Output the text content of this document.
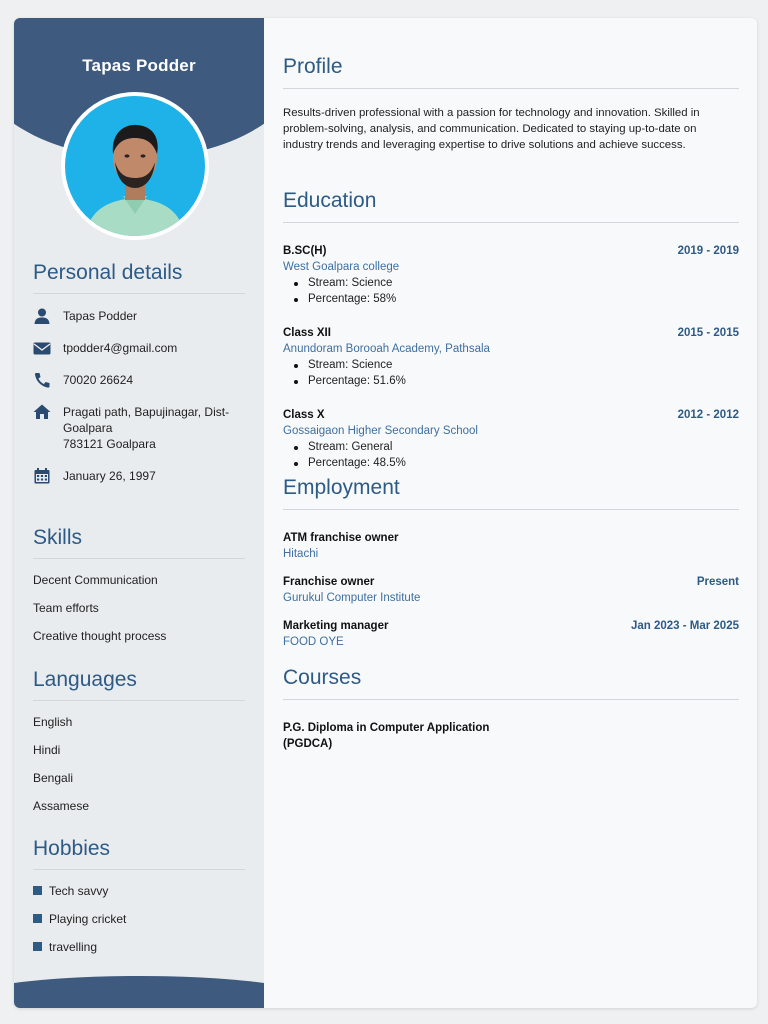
Tapas Podder
Personal details
Tapas Podder
tpodder4@gmail.com
70020 26624
Pragati path, Bapujinagar, Dist-
Goalpara
783121 Goalpara
January 26, 1997
Skills
Decent Communication
Team efforts
Creative thought process
Languages
English
Hindi
Bengali
Assamese
Hobbies
Tech savvy
Playing cricket
travelling
Profile
Results-driven professional with a passion for technology and innovation. Skilled in problem-solving, analysis, and communication. Dedicated to staying up-to-date on industry trends and leveraging expertise to drive solutions and achieve success.
Education
B.SC(H)	2019 - 2019
West Goalpara college
Stream: Science
Percentage: 58%
Class XII	2015 - 2015
Anundoram Borooah Academy, Pathsala
Stream: Science
Percentage: 51.6%
Class X	2012 - 2012
Gossaigaon Higher Secondary School
Stream: General
Percentage: 48.5%
Employment
ATM franchise owner
Hitachi
Franchise owner	Present
Gurukul Computer Institute
Marketing manager	Jan 2023 - Mar 2025
FOOD OYE
Courses
P.G. Diploma in Computer Application
(PGDCA)
